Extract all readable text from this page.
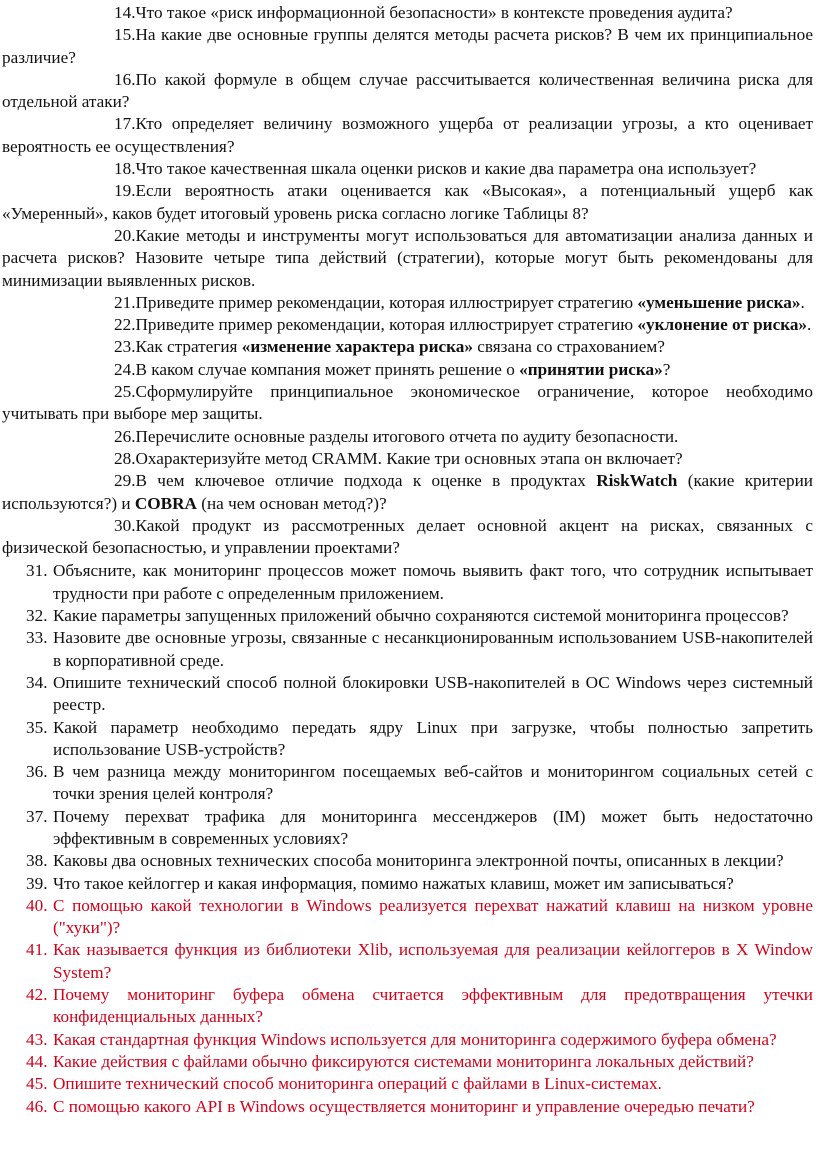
14.Что такое «риск информационной безопасности» в контексте проведения аудита?

15.На какие две основные группы делятся методы расчета рисков? В чем их принципиальное различие?

16.По какой формуле в общем случае рассчитывается количественная величина риска для отдельной атаки?

17.Кто определяет величину возможного ущерба от реализации угрозы, а кто оценивает вероятность ее осуществления?

18.Что такое качественная шкала оценки рисков и какие два параметра она использует?

19.Если вероятность атаки оценивается как «Высокая», а потенциальный ущерб как «Умеренный», каков будет итоговый уровень риска согласно логике Таблицы 8?

20.Какие методы и инструменты могут использоваться для автоматизации анализа данных и расчета рисков? Назовите четыре типа действий (стратегии), которые могут быть рекомендованы для минимизации выявленных рисков.

21.Приведите пример рекомендации, которая иллюстрирует стратегию «уменьшение риска».

22.Приведите пример рекомендации, которая иллюстрирует стратегию «уклонение от риска».

23.Как стратегия «изменение характера риска» связана со страхованием?

24.В каком случае компания может принять решение о «принятии риска»?

25.Сформулируйте принципиальное экономическое ограничение, которое необходимо учитывать при выборе мер защиты.

26.Перечислите основные разделы итогового отчета по аудиту безопасности.

28.Охарактеризуйте метод CRAMM. Какие три основных этапа он включает?

29.В чем ключевое отличие подхода к оценке в продуктах RiskWatch (какие критерии используются?) и COBRA (на чем основан метод?)?

30.Какой продукт из рассмотренных делает основной акцент на рисках, связанных с физической безопасностью, и управлении проектами?

31. Объясните, как мониторинг процессов может помочь выявить факт того, что сотрудник испытывает трудности при работе с определенным приложением.

32. Какие параметры запущенных приложений обычно сохраняются системой мониторинга процессов?

33. Назовите две основные угрозы, связанные с несанкционированным использованием USB-накопителей в корпоративной среде.

34. Опишите технический способ полной блокировки USB-накопителей в ОС Windows через системный реестр.

35. Какой параметр необходимо передать ядру Linux при загрузке, чтобы полностью запретить использование USB-устройств?

36. В чем разница между мониторингом посещаемых веб-сайтов и мониторингом социальных сетей с точки зрения целей контроля?

37. Почему перехват трафика для мониторинга мессенджеров (IM) может быть недостаточно эффективным в современных условиях?

38. Каковы два основных технических способа мониторинга электронной почты, описанных в лекции?

39. Что такое кейлоггер и какая информация, помимо нажатых клавиш, может им записываться?

40. С помощью какой технологии в Windows реализуется перехват нажатий клавиш на низком уровне ("хуки")?

41. Как называется функция из библиотеки Xlib, используемая для реализации кейлоггеров в X Window System?

42. Почему мониторинг буфера обмена считается эффективным для предотвращения утечки конфиденциальных данных?

43. Какая стандартная функция Windows используется для мониторинга содержимого буфера обмена?

44. Какие действия с файлами обычно фиксируются системами мониторинга локальных действий?

45. Опишите технический способ мониторинга операций с файлами в Linux-системах.

46. С помощью какого API в Windows осуществляется мониторинг и управление очередью печати?
